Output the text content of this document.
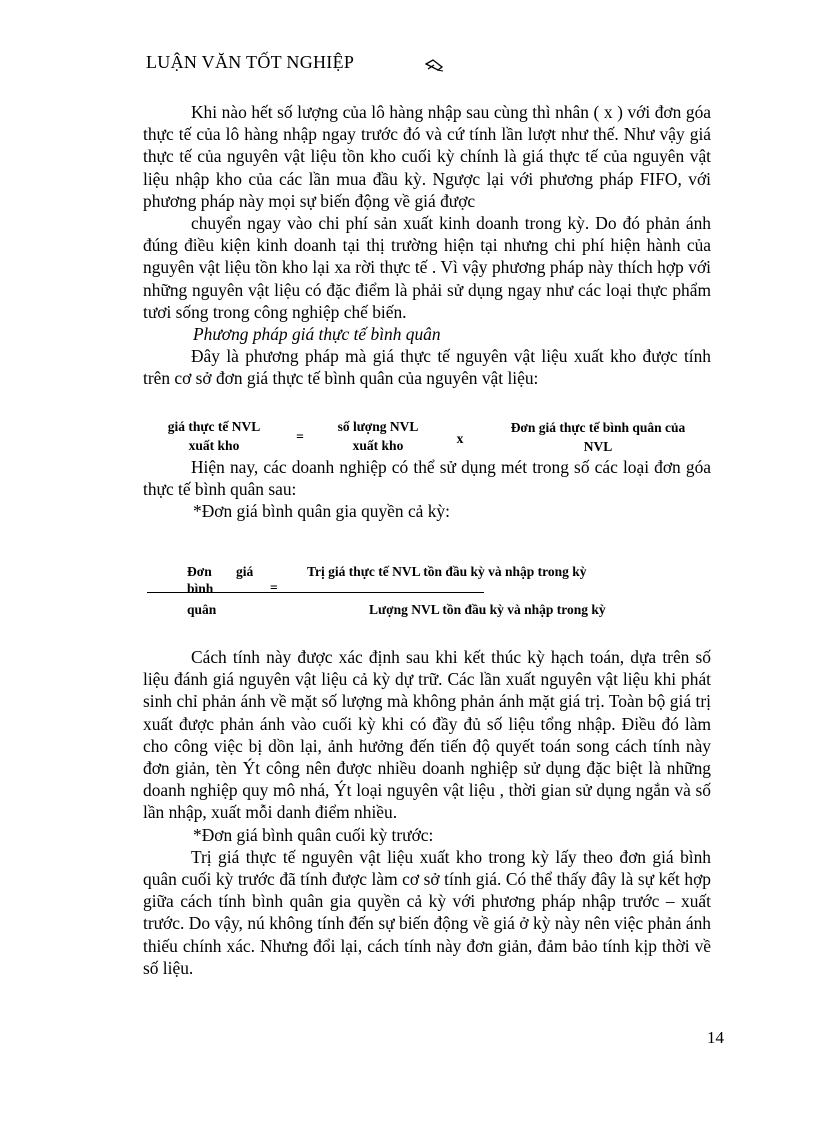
LUẬN VĂN TỐT NGHIỆP

Khi nào hết số lượng của lô hàng nhập sau cùng thì nhân ( x ) với đơn góa thực tế của lô hàng nhập ngay trước đó và cứ tính lần lượt như thế. Như vậy giá thực tế của nguyên vật liệu tồn kho cuối kỳ chính là giá thực tế của nguyên vật liệu nhập kho của các lần mua đầu kỳ. Ngược lại với phương pháp FIFO, với phương pháp này mọi sự biến động về giá được

chuyển ngay vào chi phí sản xuất kinh doanh trong kỳ. Do đó phản ánh đúng điều kiện kinh doanh tại thị trường hiện tại nhưng chi phí hiện hành của nguyên vật liệu tồn kho lại xa rời thực tế . Vì vậy phương pháp này thích hợp với những nguyên vật liệu có đặc điểm là phải sử dụng ngay như các loại thực phẩm tươi sống trong công nghiệp chế biến.

Phương pháp giá thực tế bình quân

Đây là phương pháp mà giá thực tế nguyên vật liệu xuất kho được tính trên cơ sở đơn giá thực tế bình quân của nguyên vật liệu:

giá thực tế NVL
xuất kho
=
số lượng NVL
xuất kho	x
Đơn giá thực tế bình quân của
NVL

Hiện nay, các doanh nghiệp có thể sử dụng mét trong số các loại đơn góa thực tế bình quân sau:

*Đơn giá bình quân gia quyền cả kỳ:

Đơn giá
bình
quân
=
Trị giá thực tế NVL tồn đầu kỳ và nhập trong kỳ
Lượng NVL tồn đầu kỳ và nhập trong kỳ

Cách tính này được xác định sau khi kết thúc kỳ hạch toán, dựa trên số liệu đánh giá nguyên vật liệu cả kỳ dự trữ. Các lần xuất nguyên vật liệu khi phát sinh chỉ phản ánh về mặt số lượng mà không phản ánh mặt giá trị. Toàn bộ giá trị xuất được phản ánh vào cuối kỳ khi có đầy đủ số liệu tổng nhập. Điều đó làm cho công việc bị dồn lại, ảnh hưởng đến tiến độ quyết toán song cách tính này đơn giản, tèn Ýt công nên được nhiều doanh nghiệp sử dụng đặc biệt là những doanh nghiệp quy mô nhá, Ýt loại nguyên vật liệu , thời gian sử dụng ngắn và số lần nhập, xuất mỗi danh điểm nhiều.

*Đơn giá bình quân cuối kỳ trước:

Trị giá thực tế nguyên vật liệu xuất kho trong kỳ lấy theo đơn giá bình quân cuối kỳ trước đã tính được làm cơ sở tính giá. Có thể thấy đây là sự kết hợp giữa cách tính bình quân gia quyền cả kỳ với phương pháp nhập trước – xuất trước. Do vậy, nú không tính đến sự biến động về giá ở kỳ này nên việc phản ánh thiếu chính xác. Nhưng đổi lại, cách tính này đơn giản, đảm bảo tính kịp thời về số liệu.

14
